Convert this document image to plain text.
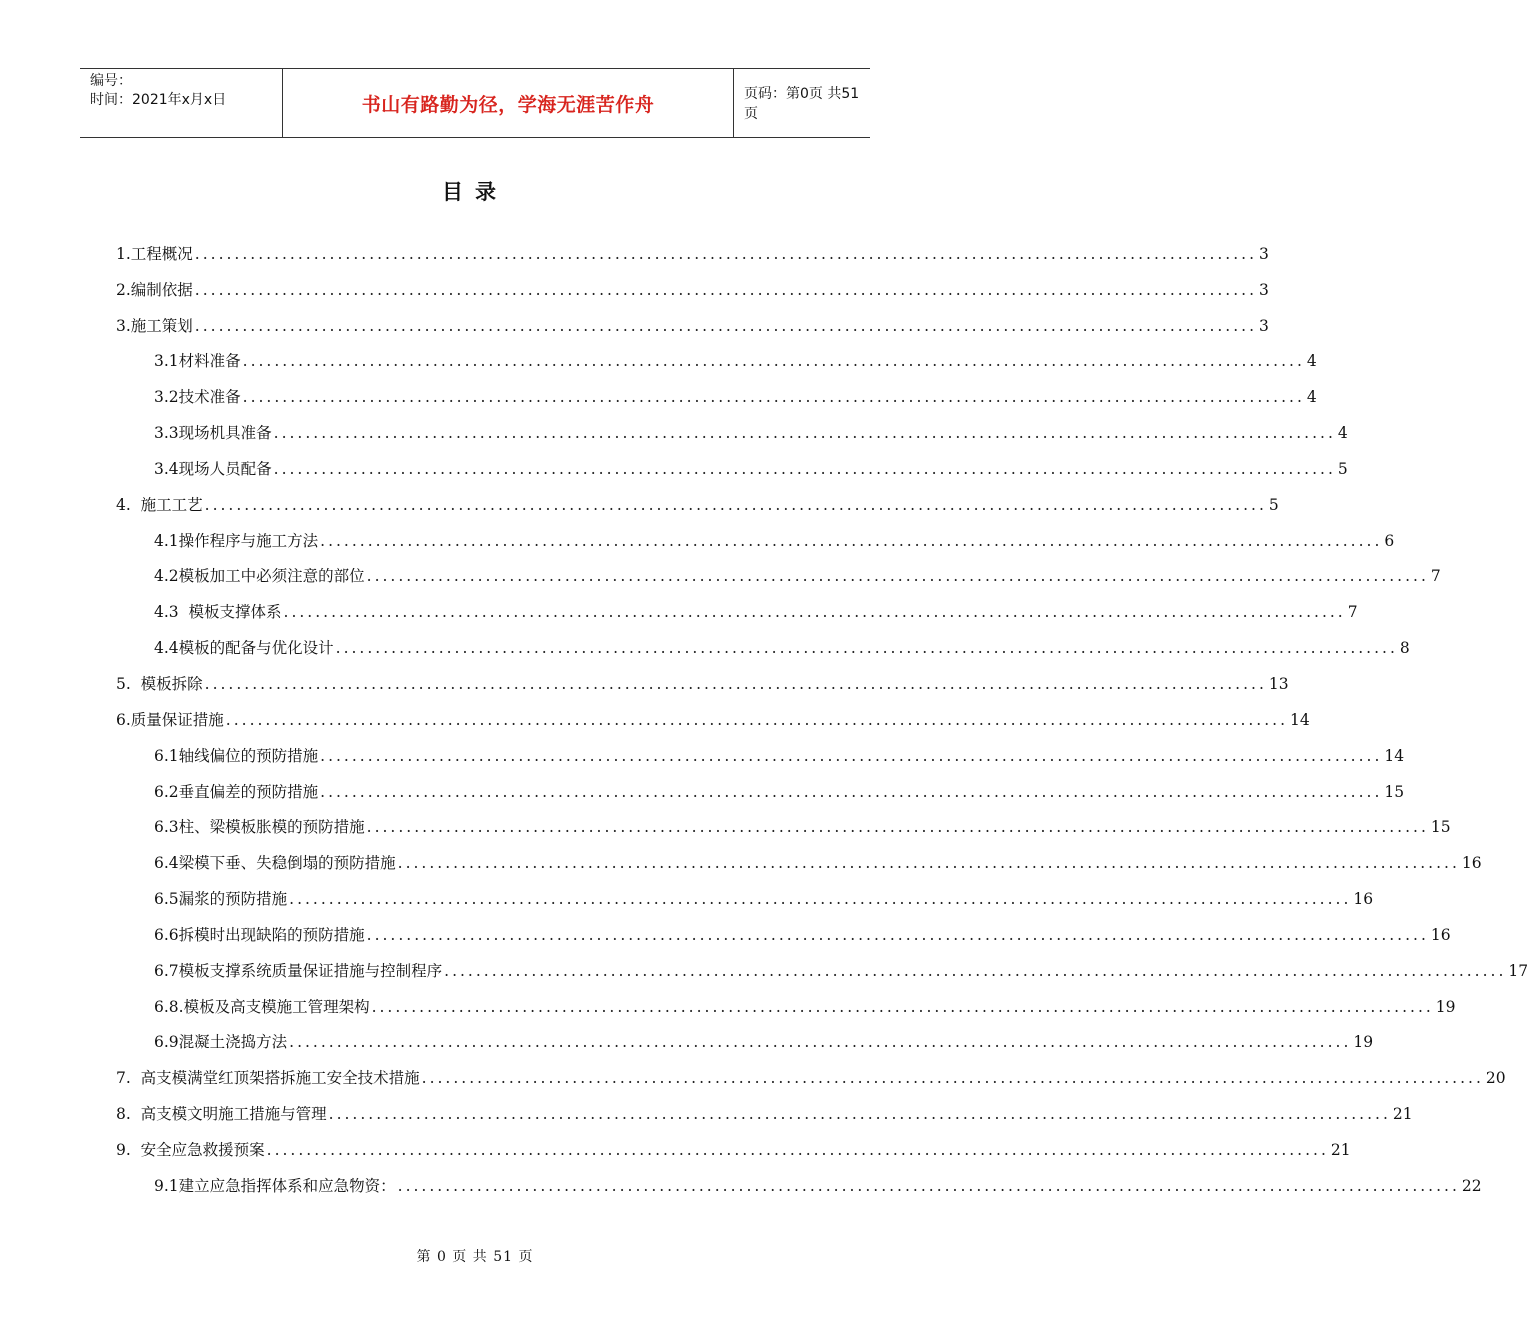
编号：
时间：2021年x月x日	书山有路勤为径，学海无涯苦作舟	页码：第0页 共51页
目录
1.工程概况 ...................................................................................................................................... 3
2.编制依据 ...................................................................................................................................... 3
3.施工策划 ...................................................................................................................................... 3
3.1材料准备 ...................................................................................................................................... 4
3.2技术准备 ...................................................................................................................................... 4
3.3现场机具准备 ...................................................................................................................................... 4
3.4现场人员配备 ...................................................................................................................................... 5
4.  施工工艺 ...................................................................................................................................... 5
4.1操作程序与施工方法 ...................................................................................................................................... 6
4.2模板加工中必须注意的部位 ...................................................................................................................................... 7
4.3  模板支撑体系 ...................................................................................................................................... 7
4.4模板的配备与优化设计 ...................................................................................................................................... 8
5.  模板拆除 ...................................................................................................................................... 13
6.质量保证措施 ...................................................................................................................................... 14
6.1轴线偏位的预防措施 ...................................................................................................................................... 14
6.2垂直偏差的预防措施 ...................................................................................................................................... 15
6.3柱、梁模板胀模的预防措施 ...................................................................................................................................... 15
6.4梁模下垂、失稳倒塌的预防措施 ...................................................................................................................................... 16
6.5漏浆的预防措施 ...................................................................................................................................... 16
6.6拆模时出现缺陷的预防措施 ...................................................................................................................................... 16
6.7模板支撑系统质量保证措施与控制程序 ...................................................................................................................................... 17
6.8.模板及高支模施工管理架构 ...................................................................................................................................... 19
6.9混凝土浇捣方法 ...................................................................................................................................... 19
7.  高支模满堂红顶架搭拆施工安全技术措施 ...................................................................................................................................... 20
8.  高支模文明施工措施与管理 ...................................................................................................................................... 21
9.  安全应急救援预案 ...................................................................................................................................... 21
9.1建立应急指挥体系和应急物资： ...................................................................................................................................... 22
第 0 页 共 51 页
